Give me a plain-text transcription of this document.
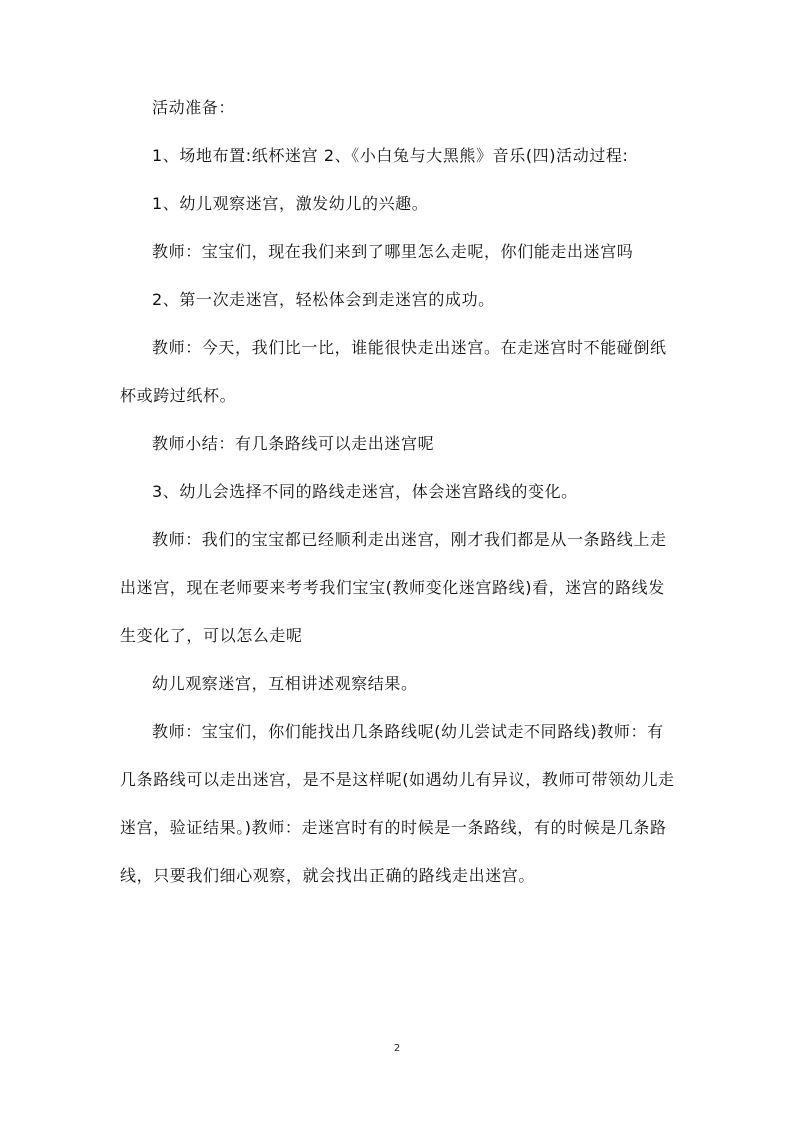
活动准备：

1、场地布置:纸杯迷宫 2、《小白兔与大黑熊》音乐(四)活动过程:

1、幼儿观察迷宫，激发幼儿的兴趣。

教师：宝宝们，现在我们来到了哪里怎么走呢，你们能走出迷宫吗

2、第一次走迷宫，轻松体会到走迷宫的成功。

教师：今天，我们比一比，谁能很快走出迷宫。在走迷宫时不能碰倒纸杯或跨过纸杯。

教师小结：有几条路线可以走出迷宫呢

3、幼儿会选择不同的路线走迷宫，体会迷宫路线的变化。

教师：我们的宝宝都已经顺利走出迷宫，刚才我们都是从一条路线上走出迷宫，现在老师要来考考我们宝宝(教师变化迷宫路线)看，迷宫的路线发生变化了，可以怎么走呢

幼儿观察迷宫，互相讲述观察结果。

教师：宝宝们，你们能找出几条路线呢(幼儿尝试走不同路线)教师：有几条路线可以走出迷宫，是不是这样呢(如遇幼儿有异议，教师可带领幼儿走迷宫，验证结果。)教师：走迷宫时有的时候是一条路线，有的时候是几条路线，只要我们细心观察，就会找出正确的路线走出迷宫。

2
